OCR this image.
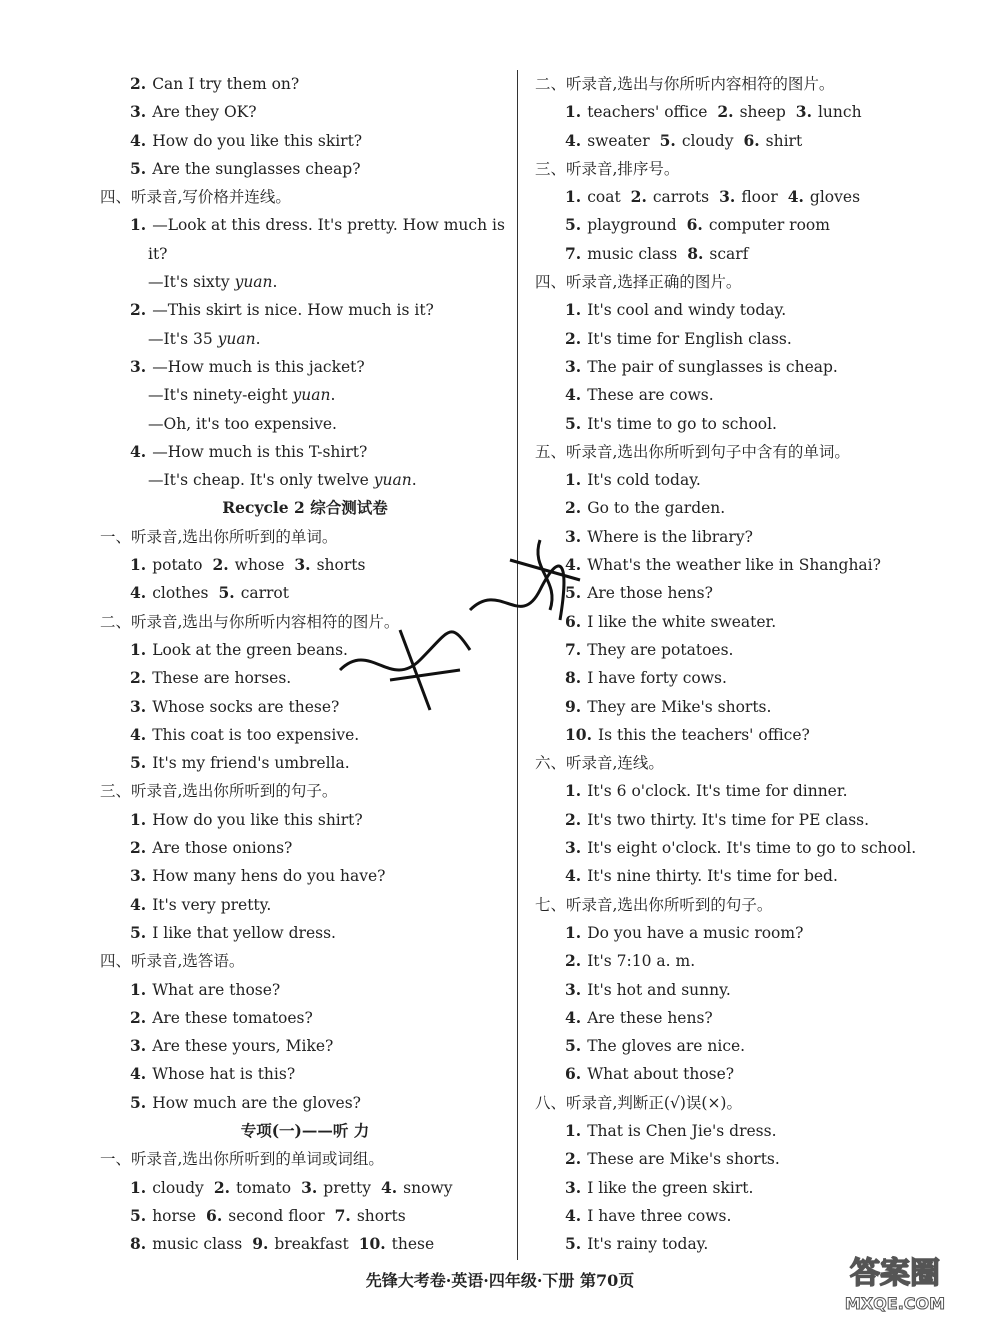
2. Can I try them on?
3. Are they OK?
4. How do you like this skirt?
5. Are the sunglasses cheap?
四、听录音,写价格并连线。
1. —Look at this dress. It's pretty. How much is
it?
—It's sixty yuan.
2. —This skirt is nice. How much is it?
—It's 35 yuan.
3. —How much is this jacket?
—It's ninety-eight yuan.
—Oh, it's too expensive.
4. —How much is this T-shirt?
—It's cheap. It's only twelve yuan.
Recycle 2 综合测试卷
一、听录音,选出你所听到的单词。
1. potato 2. whose 3. shorts
4. clothes 5. carrot
二、听录音,选出与你所听内容相符的图片。
1. Look at the green beans.
2. These are horses.
3. Whose socks are these?
4. This coat is too expensive.
5. It's my friend's umbrella.
三、听录音,选出你所听到的句子。
1. How do you like this shirt?
2. Are those onions?
3. How many hens do you have?
4. It's very pretty.
5. I like that yellow dress.
四、听录音,选答语。
1. What are those?
2. Are these tomatoes?
3. Are these yours, Mike?
4. Whose hat is this?
5. How much are the gloves?
专项(一)——听 力
一、听录音,选出你所听到的单词或词组。
1. cloudy 2. tomato 3. pretty 4. snowy
5. horse 6. second floor 7. shorts
8. music class 9. breakfast 10. these
二、听录音,选出与你所听内容相符的图片。
1. teachers' office 2. sheep 3. lunch
4. sweater 5. cloudy 6. shirt
三、听录音,排序号。
1. coat 2. carrots 3. floor 4. gloves
5. playground 6. computer room
7. music class 8. scarf
四、听录音,选择正确的图片。
1. It's cool and windy today.
2. It's time for English class.
3. The pair of sunglasses is cheap.
4. These are cows.
5. It's time to go to school.
五、听录音,选出你所听到句子中含有的单词。
1. It's cold today.
2. Go to the garden.
3. Where is the library?
4. What's the weather like in Shanghai?
5. Are those hens?
6. I like the white sweater.
7. They are potatoes.
8. I have forty cows.
9. They are Mike's shorts.
10. Is this the teachers' office?
六、听录音,连线。
1. It's 6 o'clock. It's time for dinner.
2. It's two thirty. It's time for PE class.
3. It's eight o'clock. It's time to go to school.
4. It's nine thirty. It's time for bed.
七、听录音,选出你所听到的句子。
1. Do you have a music room?
2. It's 7:10 a. m.
3. It's hot and sunny.
4. Are these hens?
5. The gloves are nice.
6. What about those?
八、听录音,判断正(√)误(×)。
1. That is Chen Jie's dress.
2. These are Mike's shorts.
3. I like the green skirt.
4. I have three cows.
5. It's rainy today.
先锋大考卷·英语·四年级·下册 第70页	答案圈
MXQE.COM
